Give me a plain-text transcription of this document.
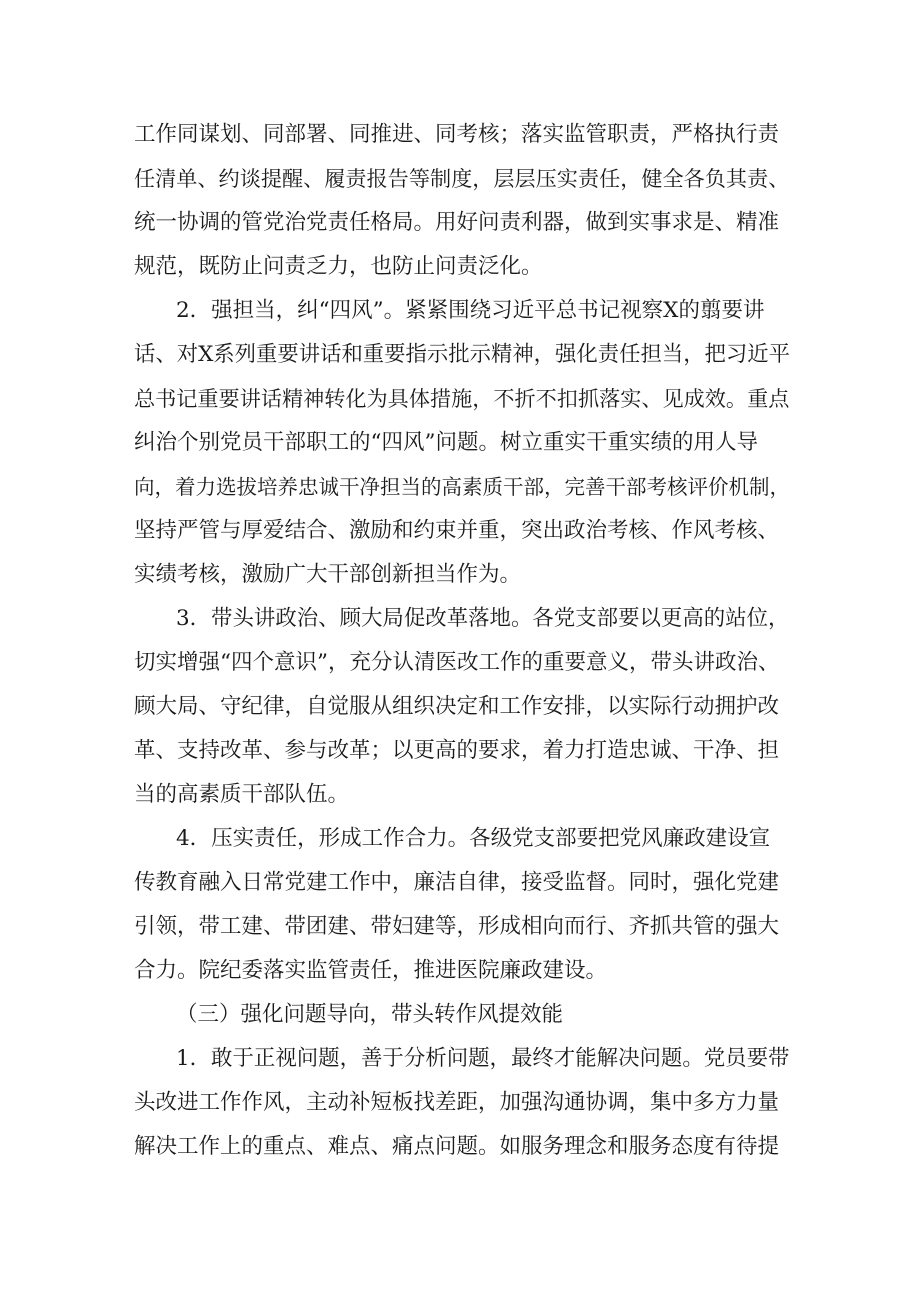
工作同谋划、同部署、同推进、同考核；落实监管职责，严格执行责
任清单、约谈提醒、履责报告等制度，层层压实责任，健全各负其责、
统一协调的管党治党责任格局。用好问责利器，做到实事求是、精准
规范，既防止问责乏力，也防止问责泛化。
2．强担当，纠“四风”。紧紧围绕习近平总书记视察X的翦要讲
话、对X系列重要讲话和重要指示批示精神，强化责任担当，把习近平
总书记重要讲话精神转化为具体措施，不折不扣抓落实、见成效。重点
纠治个别党员干部职工的“四风”问题。树立重实干重实绩的用人导
向，着力选拔培养忠诚干净担当的高素质干部，完善干部考核评价机制，
坚持严管与厚爱结合、激励和约束并重，突出政治考核、作风考核、
实绩考核，激励广大干部创新担当作为。
3．带头讲政治、顾大局促改革落地。各党支部要以更高的站位，
切实增强“四个意识”，充分认清医改工作的重要意义，带头讲政治、
顾大局、守纪律，自觉服从组织决定和工作安排，以实际行动拥护改
革、支持改革、参与改革；以更高的要求，着力打造忠诚、干净、担
当的高素质干部队伍。
4．压实责任，形成工作合力。各级党支部要把党风廉政建设宣
传教育融入日常党建工作中，廉洁自律，接受监督。同时，强化党建
引领，带工建、带团建、带妇建等，形成相向而行、齐抓共管的强大
合力。院纪委落实监管责任，推进医院廉政建设。
（三）强化问题导向，带头转作风提效能
1．敢于正视问题，善于分析问题，最终才能解决问题。党员要带
头改进工作作风，主动补短板找差距，加强沟通协调，集中多方力量
解决工作上的重点、难点、痛点问题。如服务理念和服务态度有待提
